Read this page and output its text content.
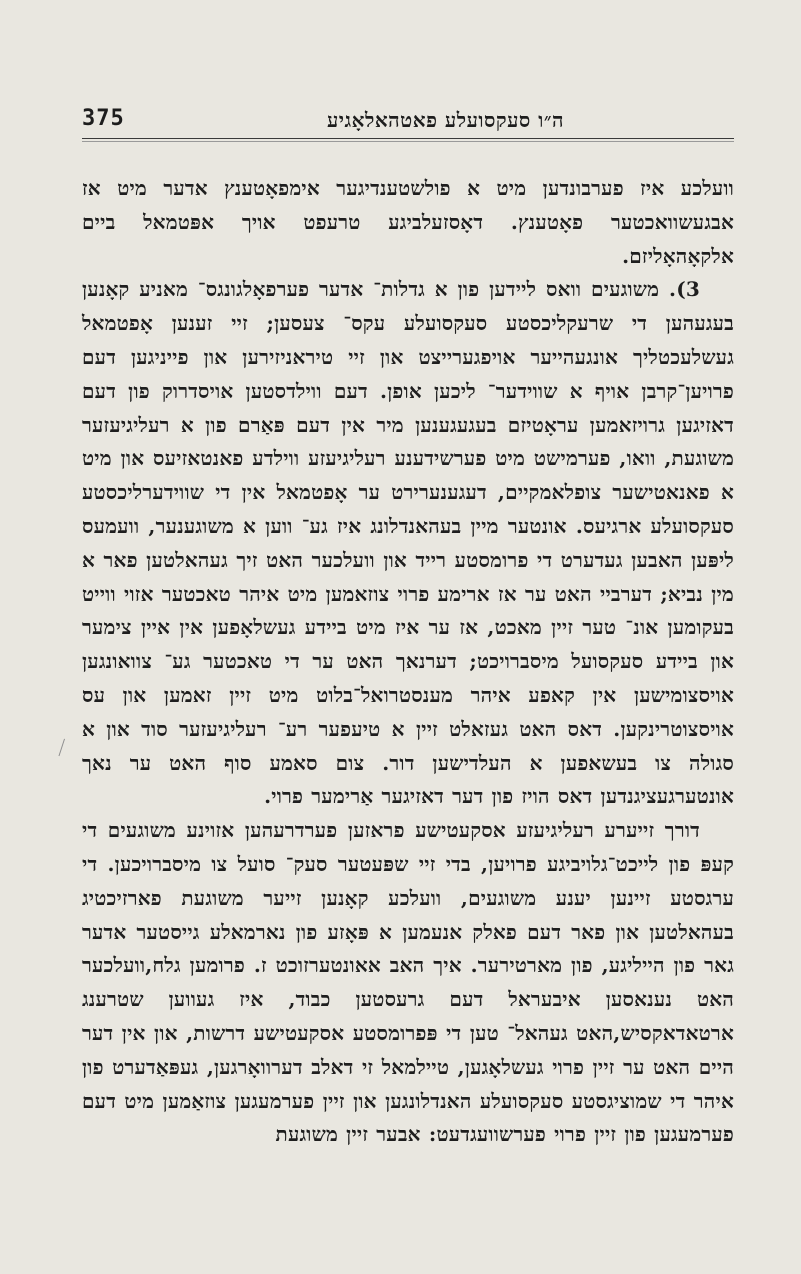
375	ה״ו סעקסועלע פאטהאלאָגיע

וועלכע איז פערבונדען מיט א פולשטענדיגער אימפאָטענץ אדער מיט אז אבגעשוואכטער פאָטענץ. דאָסזעלביגע טרעפט אויך אפּטמאל ביים אלקאָהאָליזם.

3). משוגעים וואס ליידען פון א גדלות־ אדער פערפאָלגונגס־ מאניע קאָנען בעגעהען די שרעקליכסטע סעקסועלע עקס־ צעסען; זיי זענען אָפטמאל געשלעכטליך אונגעהייער אויפגערייצט און זיי טיראניזירען און פייניגען דעם פרויען־קרבן אויף א שווידער־ ליכען אופן. דעם ווילדסטען אויסדרוק פון דעם דאזיגען גרויזאמען עראָטיזם בעגעגענען מיר אין דעם פּאַרם פון א רעליגיעזער משוגעת, וואו, פערמישט מיט פערשידענע רעליגיעזע ווילדע פאנטאזיעס און מיט א פאנאטישער צופלאמקיים, דעגענערירט ער אָפטמאל אין די שווידערליכסטע סעקסועלע ארגיעס. אונטער מיין בעהאנדלונג איז גע־ ווען א משוגענער, וועמעס ליפּען האבען געדערט די פרומסטע רייד און וועלכער האט זיך געהאלטען פאר א מין נביא; דערביי האט ער אז ארימע פרוי צוזאמען מיט איהר טאכטער אזוי ווייט בעקומען אונ־ טער זיין מאכט, אז ער איז מיט ביידע געשלאָפען אין איין צימער און ביידע סעקסועל מיסברויכט; דערנאך האט ער די טאכטער גע־ צוואונגען אויסצומישען אין קאפע איהר מענסטרואל־בלוט מיט זיין זאמען און עס אויסצוטרינקען. דאס האט געזאלט זיין א טיעפער רע־ רעליגיעזער סוד און א סגולה צו בעשאפען א העלדישען דור. צום סאמע סוף האט ער נאך אונטערגעציגנדען דאס הויז פון דער דאזיגער אַרימער פרוי.

דורך זייערע רעליגיעזע אסקעטישע פראזען פערדרעהען אזוינע משוגעים די קעפּ פון לייכט־גלויביגע פרויען, בדי זיי שפּעטער סעק־ סועל צו מיסברויכען. די ערגסטע זיינען יענע משוגעים, וועלכע קאָנען זייער משוגעת פארזיכטיג בעהאלטען און פאר דעם פאלק אנעמען א פּאָזע פון נארמאלע גייסטער אדער גאר פון הייליגע, פון מארטירער. איך האב אאונטערזוכט ז. פרומען גלח,וועלכער האט נענאסען איבעראל דעם גרעסטען כבוד, איז געווען שטרענג ארטאדאקסיש,האט געהאל־ טען די פּפרומסטע אסקעטישע דרשות, און אין דער היים האט ער זיין פרוי געשלאָגען, טיילמאל זי דאלב דערוואָרגען, געפּאַדערט פון איהר די שמוציגסטע סעקסועלע האנדלונגען און זיין פערמעגען צוזאַמען מיט דעם פערמעגען פון זיין פרוי פערשוועגדעט: אבער זיין משוגעת
